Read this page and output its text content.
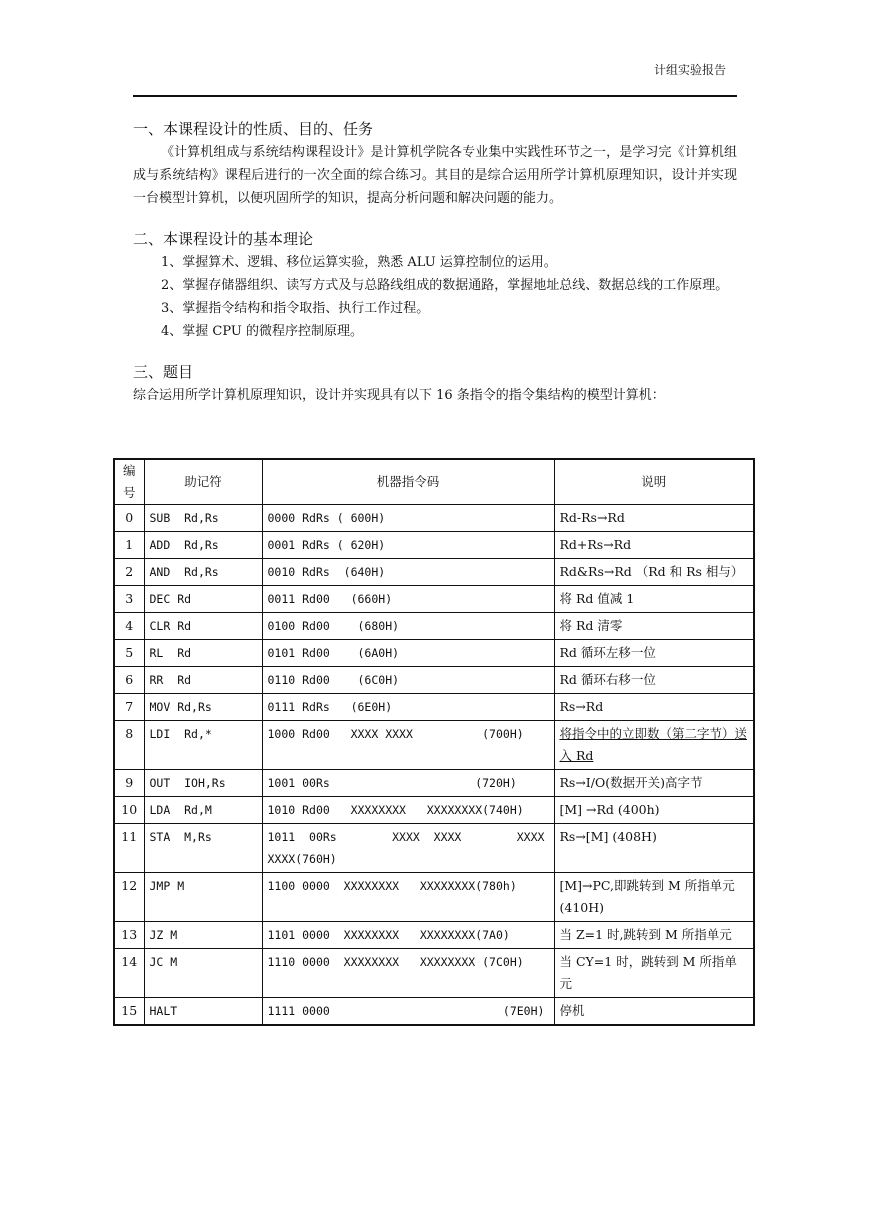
计组实验报告

一、本课程设计的性质、目的、任务

《计算机组成与系统结构课程设计》是计算机学院各专业集中实践性环节之一，是学习完《计算机组成与系统结构》课程后进行的一次全面的综合练习。其目的是综合运用所学计算机原理知识，设计并实现一台模型计算机，以便巩固所学的知识，提高分析问题和解决问题的能力。

二、本课程设计的基本理论

1、掌握算术、逻辑、移位运算实验，熟悉 ALU 运算控制位的运用。

2、掌握存储器组织、读写方式及与总路线组成的数据通路，掌握地址总线、数据总线的工作原理。

3、掌握指令结构和指令取指、执行工作过程。

4、掌握 CPU 的微程序控制原理。

三、题目

综合运用所学计算机原理知识，设计并实现具有以下 16 条指令的指令集结构的模型计算机：

编号	助记符	机器指令码	说明
0	SUB  Rd,Rs	0000 RdRs ( 600H)	Rd-Rs→Rd
1	ADD  Rd,Rs	0001 RdRs ( 620H)	Rd+Rs→Rd
2	AND  Rd,Rs	0010 RdRs  (640H)	Rd&Rs→Rd （Rd 和 Rs 相与）
3	DEC Rd	0011 Rd00   (660H)	将 Rd 值减 1
4	CLR Rd	0100 Rd00    (680H)	将 Rd 清零
5	RL  Rd	0101 Rd00    (6A0H)	Rd 循环左移一位
6	RR  Rd	0110 Rd00    (6C0H)	Rd 循环右移一位
7	MOV Rd,Rs	0111 RdRs   (6E0H)	Rs→Rd
8	LDI  Rd,*	1000 Rd00   XXXX XXXX          (700H)	将指令中的立即数（第二字节）送入 Rd
9	OUT  IOH,Rs	1001 00Rs                     (720H)	Rs→I/O(数据开关)高字节
10	LDA  Rd,M	1010 Rd00   XXXXXXXX   XXXXXXXX(740H)	[M] →Rd (400h)
11	STA  M,Rs	1011  00Rs        XXXX  XXXX        XXXX XXXX(760H)	Rs→[M] (408H)
12	JMP M	1100 0000  XXXXXXXX   XXXXXXXX(780h)	[M]→PC,即跳转到 M 所指单元(410H)
13	JZ M	1101 0000  XXXXXXXX   XXXXXXXX(7A0)	当 Z=1 时,跳转到 M 所指单元
14	JC M	1110 0000  XXXXXXXX   XXXXXXXX (7C0H)	当 CY=1 时，跳转到 M 所指单元
15	HALT	1111 0000                         (7E0H)	停机
